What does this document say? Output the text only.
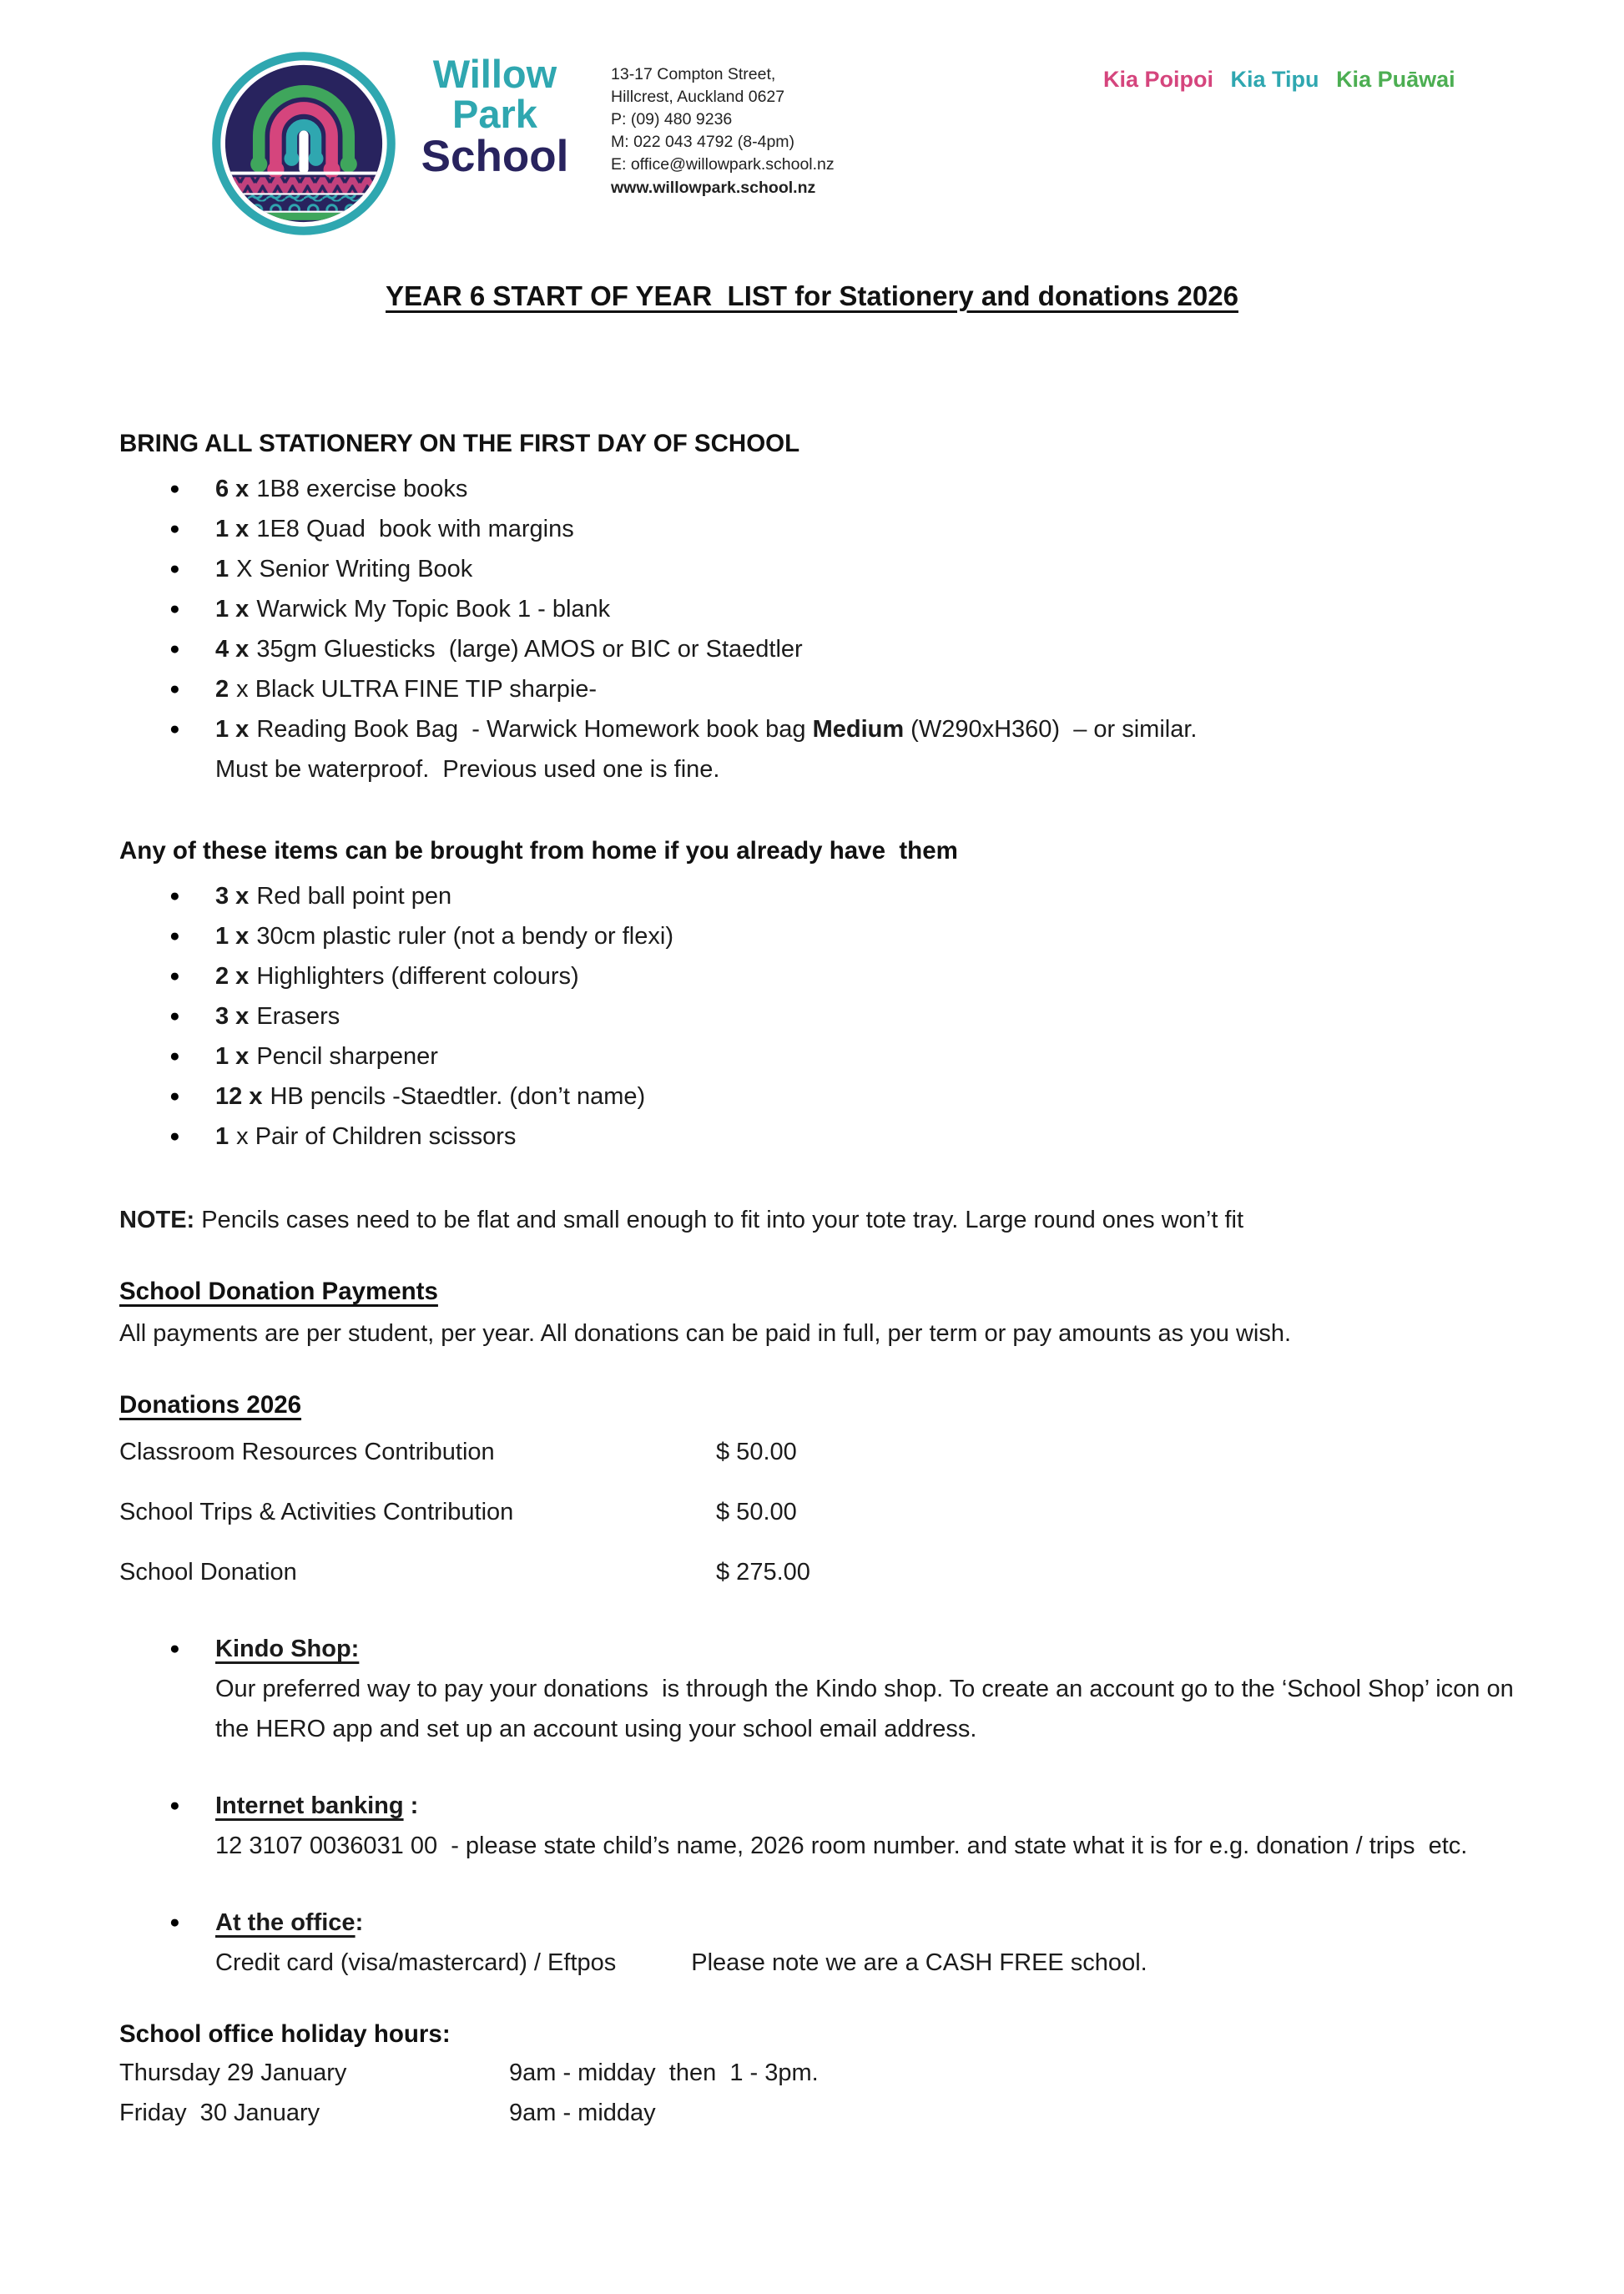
Willow
Park
School
13-17 Compton Street,
Hillcrest, Auckland 0627
P: (09) 480 9236
M: 022 043 4792 (8-4pm)
E: office@willowpark.school.nz
www.willowpark.school.nz
Kia Poipoi Kia Tipu Kia Puāwai
YEAR 6 START OF YEAR  LIST for Stationery and donations 2026
BRING ALL STATIONERY ON THE FIRST DAY OF SCHOOL
● 6 x 1B8 exercise books
● 1 x 1E8 Quad  book with margins
● 1 X Senior Writing Book
● 1 x Warwick My Topic Book 1 - blank
● 4 x 35gm Gluesticks  (large) AMOS or BIC or Staedtler
● 2 x Black ULTRA FINE TIP sharpie-
● 1 x Reading Book Bag  - Warwick Homework book bag Medium (W290xH360)  – or similar.
Must be waterproof.  Previous used one is fine.
Any of these items can be brought from home if you already have  them
● 3 x Red ball point pen
● 1 x 30cm plastic ruler (not a bendy or flexi)
● 2 x Highlighters (different colours)
● 3 x Erasers
● 1 x Pencil sharpener
● 12 x HB pencils -Staedtler. (don’t name)
● 1 x Pair of Children scissors

NOTE: Pencils cases need to be flat and small enough to fit into your tote tray. Large round ones won’t fit

School Donation Payments

All payments are per student, per year. All donations can be paid in full, per term or pay amounts as you wish.

Donations 2026
Classroom Resources Contribution	$ 50.00
School Trips & Activities Contribution	$ 50.00
School Donation	$ 275.00
● Kindo Shop:
Our preferred way to pay your donations  is through the Kindo shop. To create an account go to the ‘School Shop’ icon on the HERO app and set up an account using your school email address.
● Internet banking :
12 3107 0036031 00  - please state child’s name, 2026 room number. and state what it is for e.g. donation / trips  etc.
● At the office:
Credit card (visa/mastercard) / Eftpos	Please note we are a CASH FREE school.
School office holiday hours:
Thursday 29 January	9am - midday  then  1 - 3pm.
Friday  30 January	9am - midday
